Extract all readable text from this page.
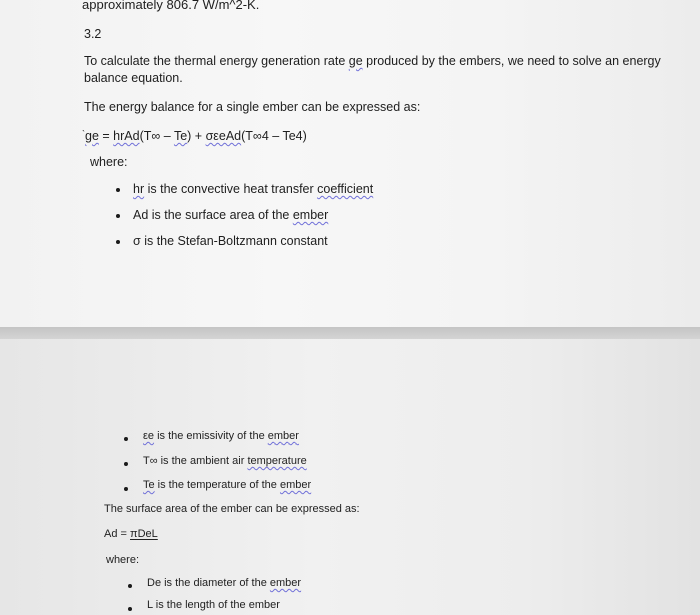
approximately 806.7 W/m^2-K.
3.2
To calculate the thermal energy generation rate ge produced by the embers, we need to solve an energy
balance equation.
The energy balance for a single ember can be expressed as:
`ge = hrAd(T∞ – Te) + σεeAd(T∞4 – Te4)
where:
hr is the convective heat transfer coefficient
Ad is the surface area of the ember
σ is the Stefan-Boltzmann constant
εe is the emissivity of the ember
T∞ is the ambient air temperature
Te is the temperature of the ember
The surface area of the ember can be expressed as:
Ad = πDeL
where:
De is the diameter of the ember
L is the length of the ember
